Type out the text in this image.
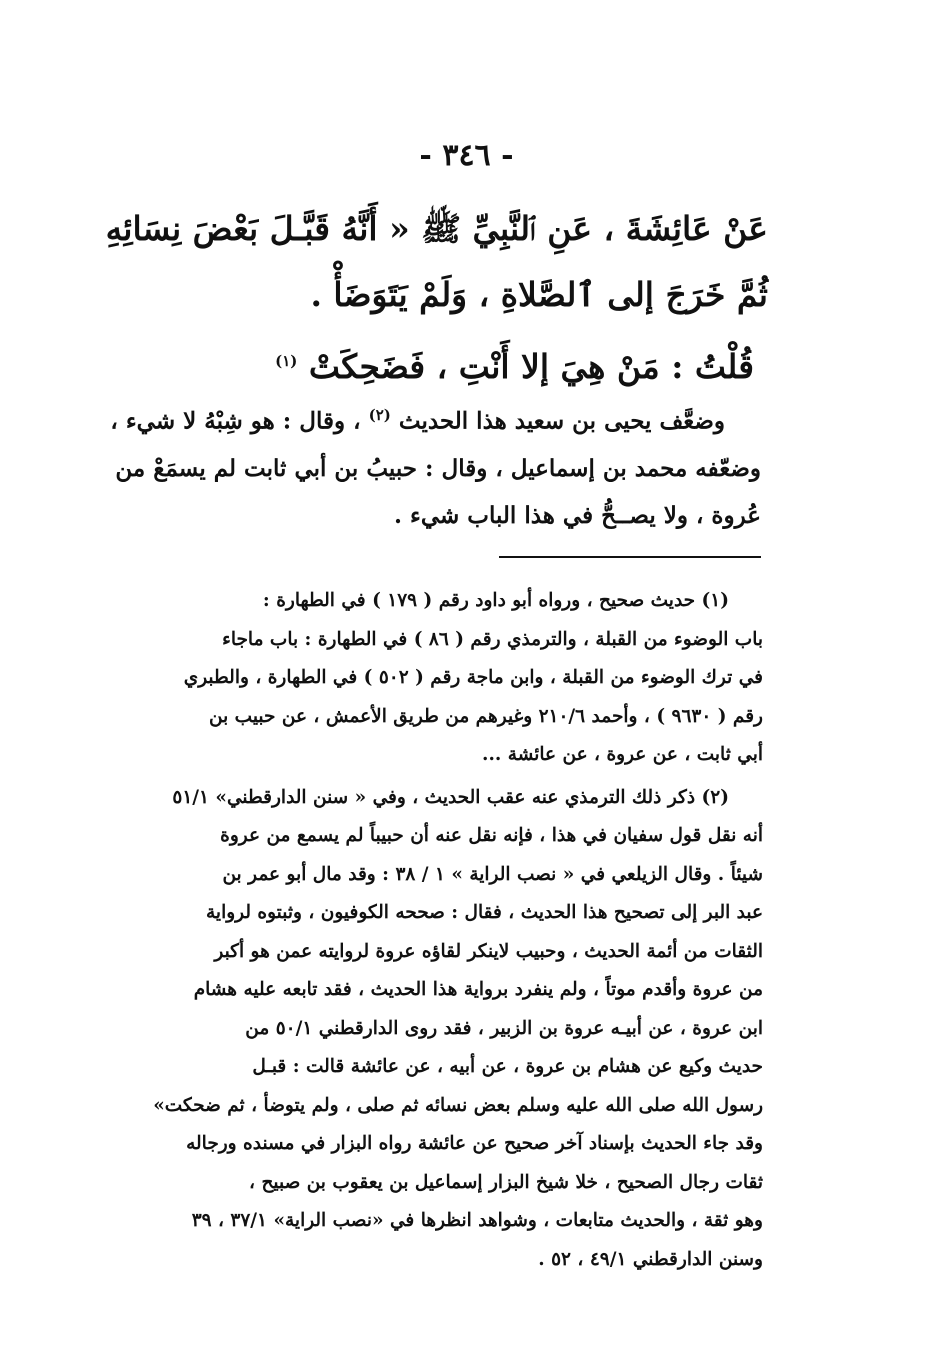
- ٣٤٦ -
عَنْ عَائِشَةَ ، عَنِ ٱلنَّبِيِّ ﷺ « أَنَّهُ قَبَّـلَ بَعْضَ نِسَائِهِ
ثُمَّ خَرَجَ إلى ٱلصَّلاةِ ، وَلَمْ يَتَوَضَأْ .
قُلْتُ : مَنْ هِيَ إلا أَنْتِ ، فَضَحِكَتْ $^{(١)}$
وضعَّف يحيى بن سعيد هذا الحديث $^{(٢)}$ ، وقال : هو شِبْهُ لا شيء ،
وضعّفه محمد بن إسماعيل ، وقال : حبيبُ بن أبي ثابت لم يسمَعْ من
عُروة ، ولا يصــحُّ في هذا الباب شيء .
(١) حديث صحيح ، ورواه أبو داود رقم ( ١٧٩ ) في الطهارة :
باب الوضوء من القبلة ، والترمذي رقم ( ٨٦ ) في الطهارة : باب ماجاء
في ترك الوضوء من القبلة ، وابن ماجة رقم ( ٥٠٢ ) في الطهارة ، والطبري
رقم ( ٩٦٣٠ ) ، وأحمد ٢١٠/٦ وغيرهم من طريق الأعمش ، عن حبيب بن
أبي ثابت ، عن عروة ، عن عائشة ...
(٢) ذكر ذلك الترمذي عنه عقب الحديث ، وفي « سنن الدارقطني» ٥١/١
أنه نقل قول سفيان في هذا ، فإنه نقل عنه أن حبيباً لم يسمع من عروة
شيئاً . وقال الزيلعي في « نصب الراية » ١ / ٣٨ : وقد مال أبو عمر بن
عبد البر إلى تصحيح هذا الحديث ، فقال : صححه الكوفيون ، وثبتوه لرواية
الثقات من أئمة الحديث ، وحبيب لاينكر لقاؤه عروة لروايته عمن هو أكبر
من عروة وأقدم موتاً ، ولم ينفرد برواية هذا الحديث ، فقد تابعه عليه هشام
ابن عروة ، عن أبيـه عروة بن الزبير ، فقد روى الدارقطني ٥٠/١ من
حديث وكيع عن هشام بن عروة ، عن أبيه ، عن عائشة قالت : قبـل
رسول الله صلى الله عليه وسلم بعض نسائه ثم صلى ، ولم يتوضأ ، ثم ضحكت»
وقد جاء الحديث بإسناد آخر صحيح عن عائشة رواه البزار في مسنده ورجاله
ثقات رجال الصحيح ، خلا شيخ البزار إسماعيل بن يعقوب بن صبيح ،
وهو ثقة ، والحديث متابعات ، وشواهد انظرها في «نصب الراية» ٣٧/١ ، ٣٩
وسنن الدارقطني ٤٩/١ ، ٥٢ .
